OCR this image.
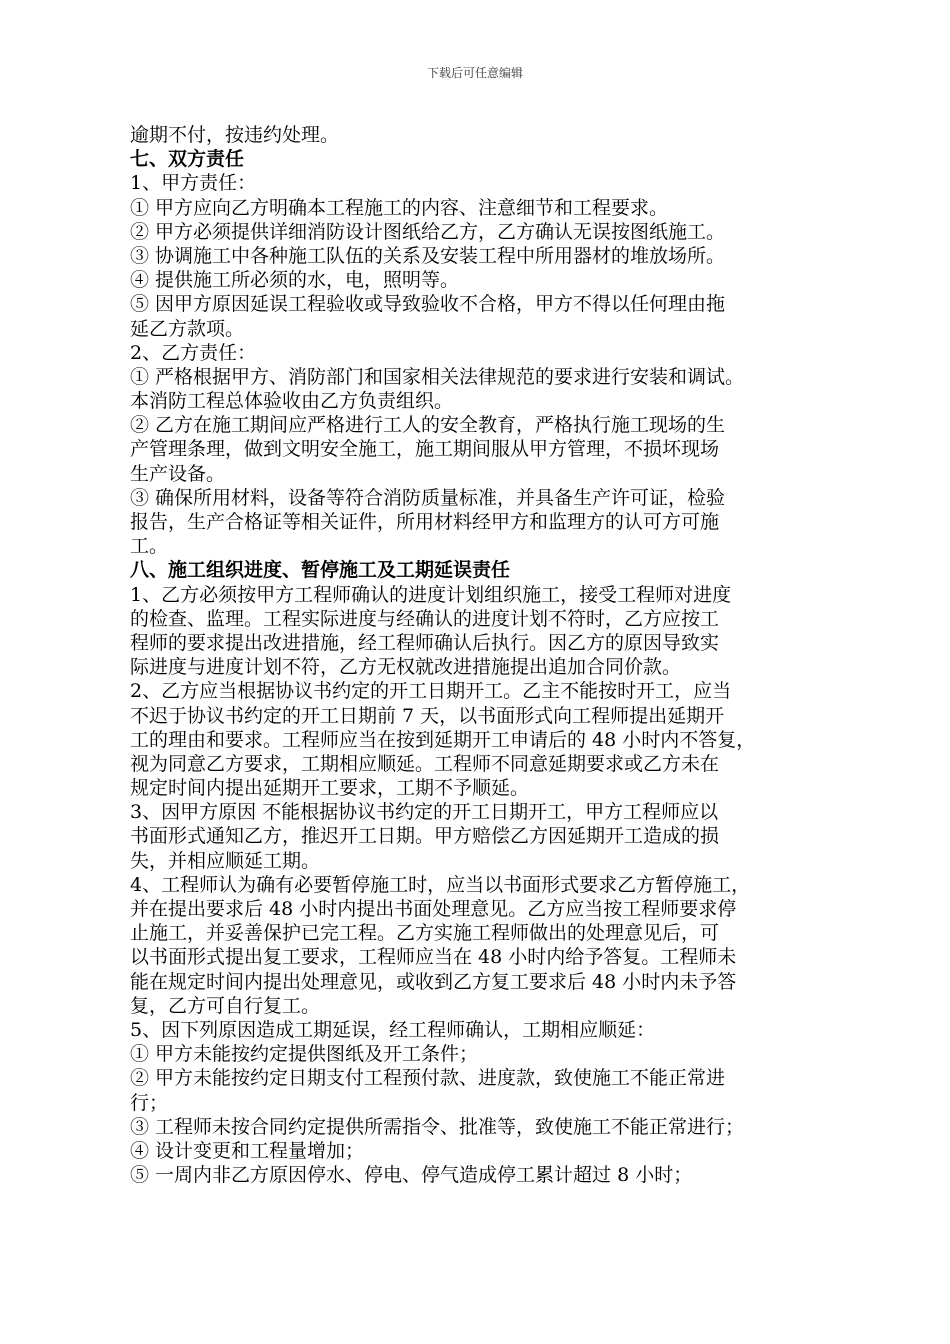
下载后可任意编辑
逾期不付，按违约处理。
七、双方责任
1、甲方责任：
① 甲方应向乙方明确本工程施工的内容、注意细节和工程要求。
② 甲方必须提供详细消防设计图纸给乙方，乙方确认无误按图纸施工。
③ 协调施工中各种施工队伍的关系及安装工程中所用器材的堆放场所。
④ 提供施工所必须的水，电，照明等。
⑤ 因甲方原因延误工程验收或导致验收不合格，甲方不得以任何理由拖
延乙方款项。
2、乙方责任：
① 严格根据甲方、消防部门和国家相关法律规范的要求进行安装和调试。
本消防工程总体验收由乙方负责组织。
② 乙方在施工期间应严格进行工人的安全教育，严格执行施工现场的生
产管理条理，做到文明安全施工，施工期间服从甲方管理，不损坏现场
生产设备。
③ 确保所用材料，设备等符合消防质量标准，并具备生产许可证，检验
报告，生产合格证等相关证件，所用材料经甲方和监理方的认可方可施
工。
八、施工组织进度、暂停施工及工期延误责任
1、乙方必须按甲方工程师确认的进度计划组织施工，接受工程师对进度
的检查、监理。工程实际进度与经确认的进度计划不符时，乙方应按工
程师的要求提出改进措施，经工程师确认后执行。因乙方的原因导致实
际进度与进度计划不符，乙方无权就改进措施提出追加合同价款。
2、乙方应当根据协议书约定的开工日期开工。乙主不能按时开工，应当
不迟于协议书约定的开工日期前 7 天，以书面形式向工程师提出延期开
工的理由和要求。工程师应当在按到延期开工申请后的 48 小时内不答复，
视为同意乙方要求，工期相应顺延。工程师不同意延期要求或乙方未在
规定时间内提出延期开工要求，工期不予顺延。
3、因甲方原因 不能根据协议书约定的开工日期开工，甲方工程师应以
书面形式通知乙方，推迟开工日期。甲方赔偿乙方因延期开工造成的损
失，并相应顺延工期。
4、工程师认为确有必要暂停施工时，应当以书面形式要求乙方暂停施工，
并在提出要求后 48 小时内提出书面处理意见。乙方应当按工程师要求停
止施工，并妥善保护已完工程。乙方实施工程师做出的处理意见后，可
以书面形式提出复工要求，工程师应当在 48 小时内给予答复。工程师未
能在规定时间内提出处理意见，或收到乙方复工要求后 48 小时内未予答
复，乙方可自行复工。
5、因下列原因造成工期延误，经工程师确认，工期相应顺延：
① 甲方未能按约定提供图纸及开工条件；
② 甲方未能按约定日期支付工程预付款、进度款，致使施工不能正常进
行；
③ 工程师未按合同约定提供所需指令、批准等，致使施工不能正常进行；
④ 设计变更和工程量增加；
⑤ 一周内非乙方原因停水、停电、停气造成停工累计超过 8 小时；
